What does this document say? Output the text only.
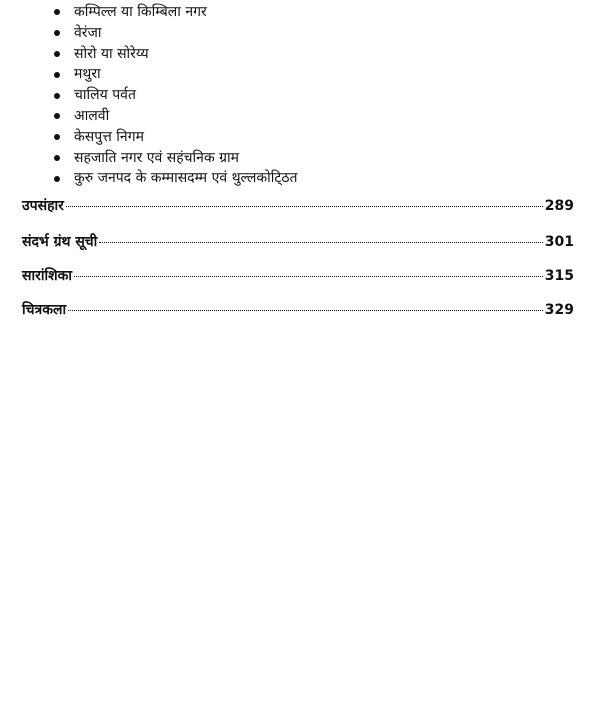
कम्पिल्ल या किम्बिला नगर
वेरंजा
सोरो या सोरेय्य
मथुरा
चालिय पर्वत
आलवी
केसपुत्त निगम
सहजाति नगर एवं सहंचनिक ग्राम
कुरु जनपद के कम्मासदम्म एवं थुल्लकोटि्ठत
उपसंहार	289
संदर्भ ग्रंथ सूची	301
सारांशिका	315
चित्रकला	329
